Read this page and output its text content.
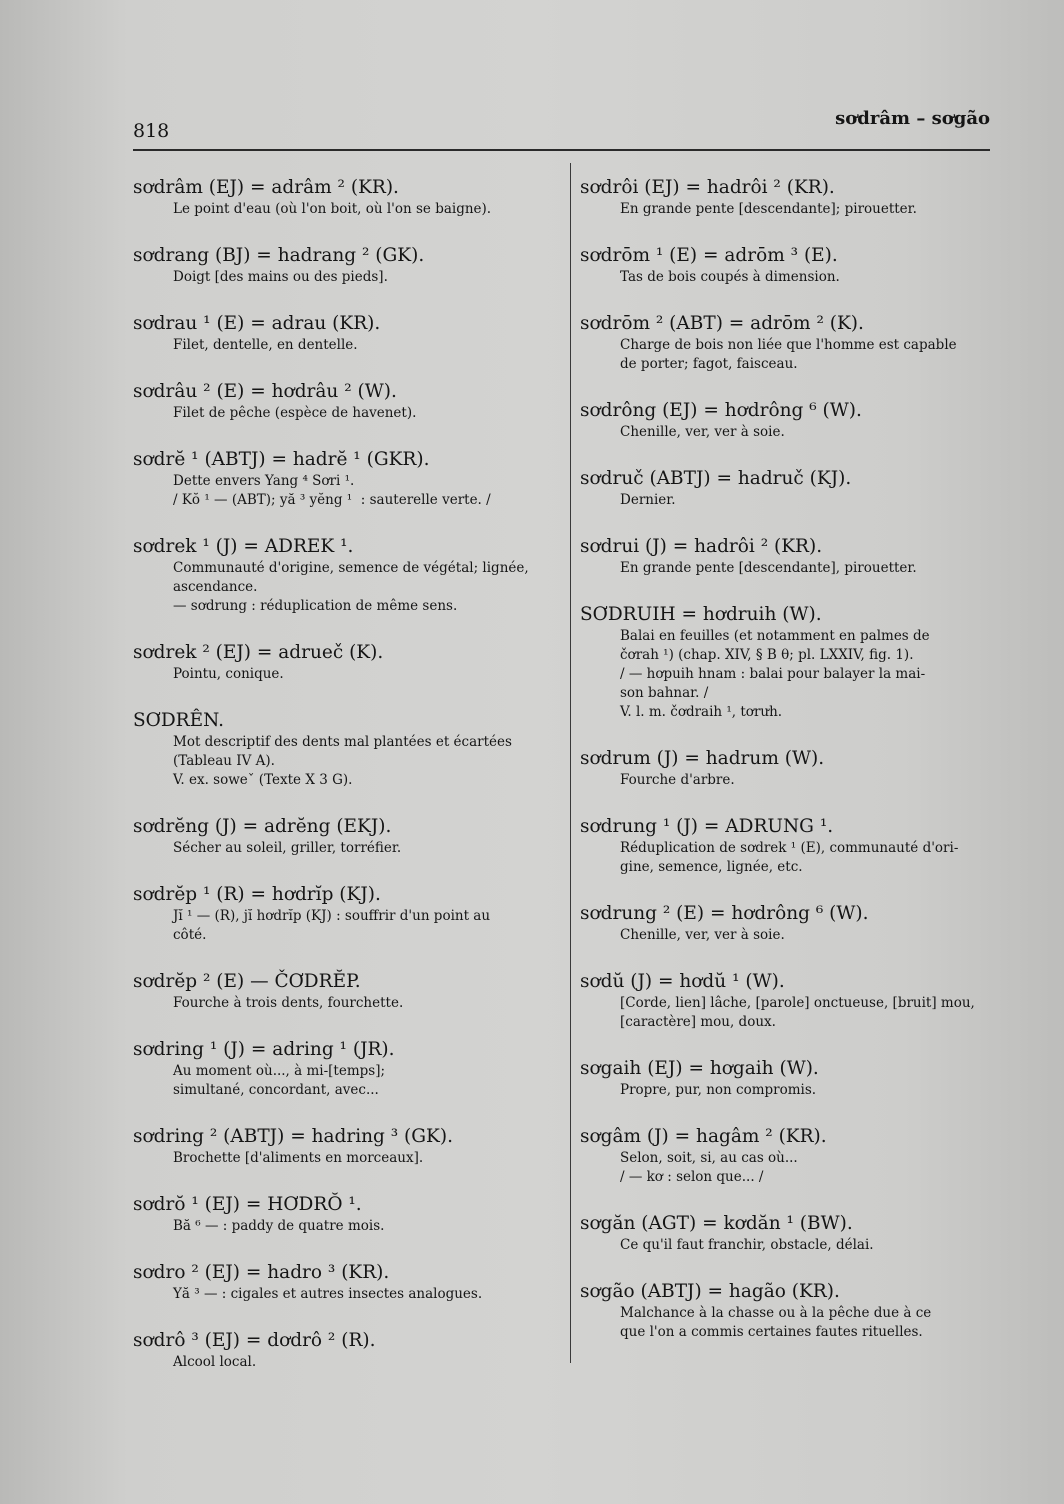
818
sơdrâm – sơgão
sơdrâm (EJ) = adrâm ² (KR).
Le point d'eau (où l'on boit, où l'on se baigne).
sơdrang (BJ) = hadrang ² (GK).
Doigt [des mains ou des pieds].
sơdrau ¹ (E) = adrau (KR).
Filet, dentelle, en dentelle.
sơdrâu ² (E) = hơdrâu ² (W).
Filet de pêche (espèce de havenet).
sơdrĕ ¹ (ABTJ) = hadrĕ ¹ (GKR).
Dette envers Yang ⁴ Sơri ¹.
/ Kŏ ¹ — (ABT); yă ³ yĕng ¹  : sauterelle verte. /
sơdrek ¹ (J) = ADREK ¹.
Communauté d'origine, semence de végétal; lignée,
ascendance.
— sơdrung : réduplication de même sens.
sơdrek ² (EJ) = adrueč (K).
Pointu, conique.
SƠDRÊN.
Mot descriptif des dents mal plantées et écartées
(Tableau IV A).
V. ex. soweˇ (Texte X 3 G).
sơdrĕng (J) = adrĕng (EKJ).
Sécher au soleil, griller, torréfier.
sơdrĕp ¹ (R) = hơdrĭp (KJ).
Jĭ ¹ — (R), jĭ hơdrĭp (KJ) : souffrir d'un point au
côté.
sơdrĕp ² (E) — ČƠDRĔP.
Fourche à trois dents, fourchette.
sơdring ¹ (J) = adring ¹ (JR).
Au moment où..., à mi-[temps];
simultané, concordant, avec...
sơdring ² (ABTJ) = hadring ³ (GK).
Brochette [d'aliments en morceaux].
sơdrŏ ¹ (EJ) = HƠDRŎ ¹.
Bă ⁶ — : paddy de quatre mois.
sơdro ² (EJ) = hadro ³ (KR).
Yă ³ — : cigales et autres insectes analogues.
sơdrô ³ (EJ) = dơdrô ² (R).
Alcool local.
sơdrôi (EJ) = hadrôi ² (KR).
En grande pente [descendante]; pirouetter.
sơdrōm ¹ (E) = adrōm ³ (E).
Tas de bois coupés à dimension.
sơdrōm ² (ABT) = adrōm ² (K).
Charge de bois non liée que l'homme est capable
de porter; fagot, faisceau.
sơdrông (EJ) = hơdrông ⁶ (W).
Chenille, ver, ver à soie.
sơdruč (ABTJ) = hadruč (KJ).
Dernier.
sơdrui (J) = hadrôi ² (KR).
En grande pente [descendante], pirouetter.
SƠDRUIH = hơdruih (W).
Balai en feuilles (et notamment en palmes de
čơrah ¹) (chap. XIV, § B θ; pl. LXXIV, fig. 1).
/ — hơpuih hnam : balai pour balayer la mai-
son bahnar. /
V. l. m. čơdraih ¹, tơrưh.
sơdrum (J) = hadrum (W).
Fourche d'arbre.
sơdrung ¹ (J) = ADRUNG ¹.
Réduplication de sơdrek ¹ (E), communauté d'ori-
gine, semence, lignée, etc.
sơdrung ² (E) = hơdrông ⁶ (W).
Chenille, ver, ver à soie.
sơdŭ (J) = hơdŭ ¹ (W).
[Corde, lien] lâche, [parole] onctueuse, [bruit] mou,
[caractère] mou, doux.
sơgaih (EJ) = hơgaih (W).
Propre, pur, non compromis.
sơgâm (J) = hagâm ² (KR).
Selon, soit, si, au cas où...
/ — kơ : selon que... /
sơgăn (AGT) = kơdăn ¹ (BW).
Ce qu'il faut franchir, obstacle, délai.
sơgão (ABTJ) = hagão (KR).
Malchance à la chasse ou à la pêche due à ce
que l'on a commis certaines fautes rituelles.
